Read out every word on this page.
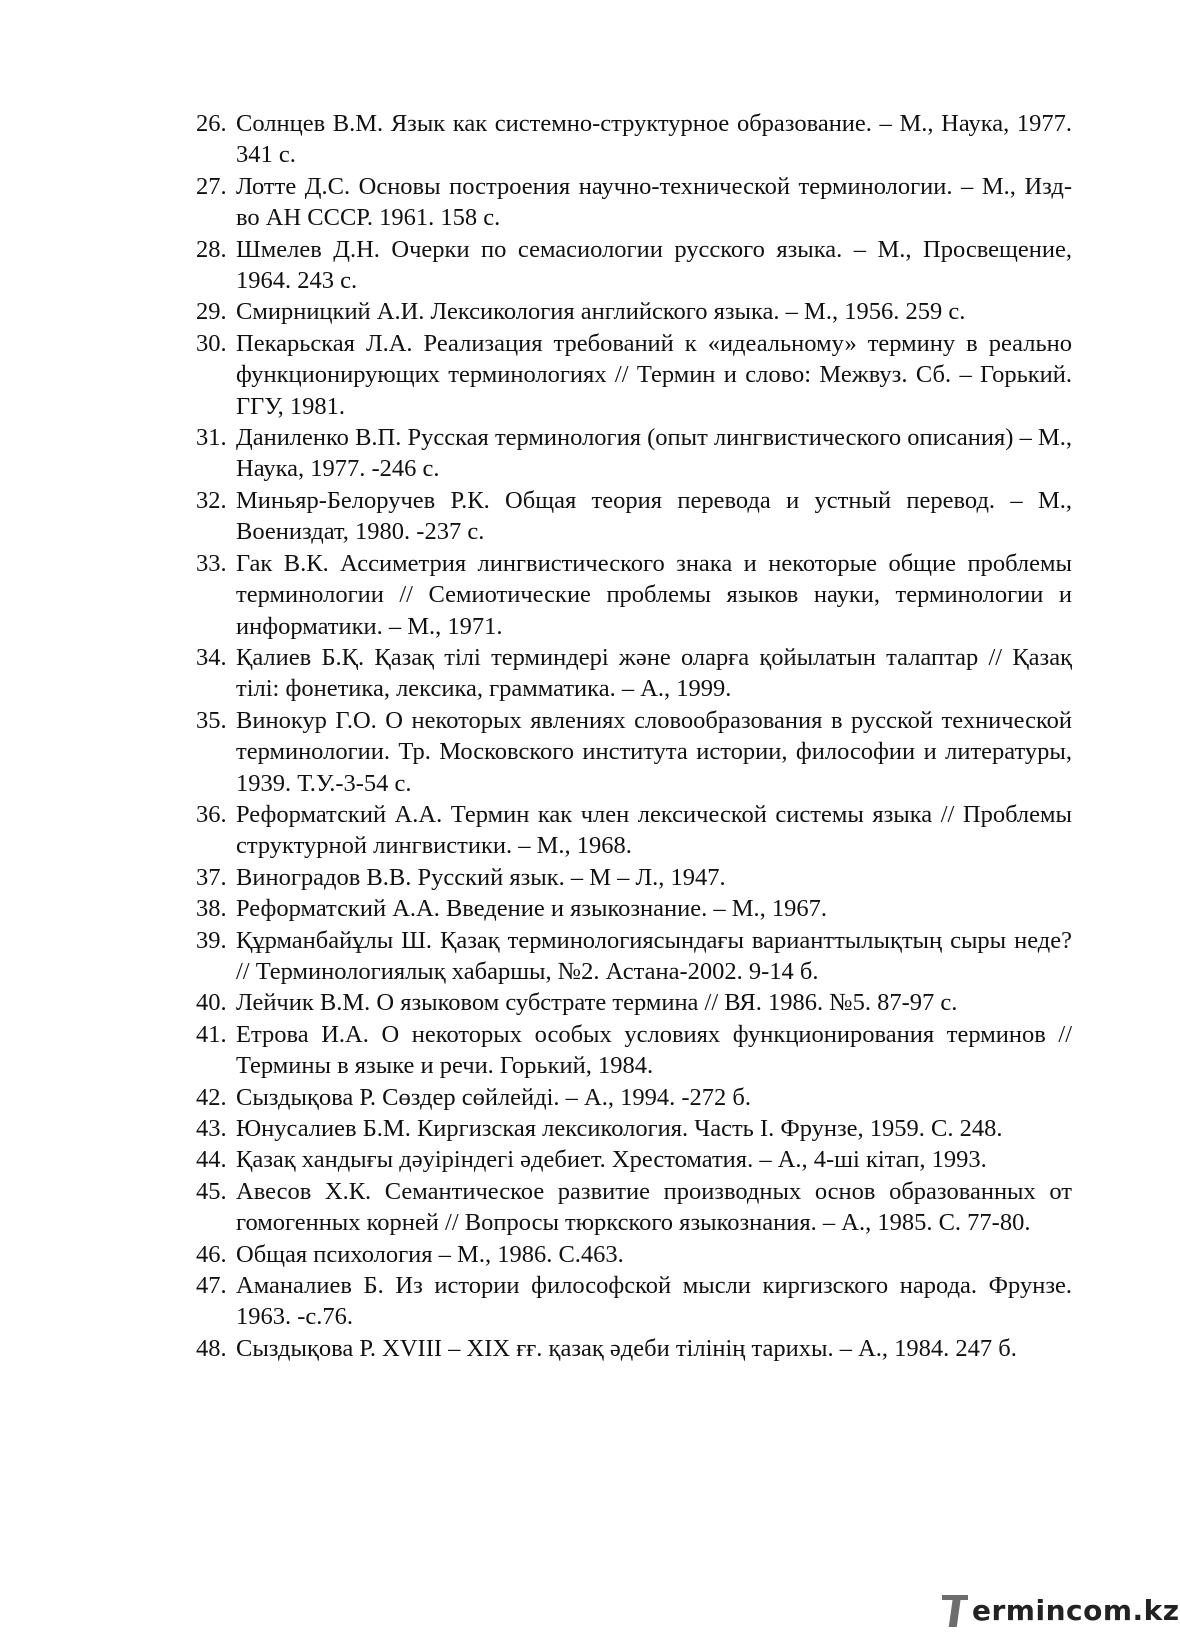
26. Солнцев В.М. Язык как системно-структурное образование. – М., Наука, 1977. 341 с.
27. Лотте Д.С. Основы построения научно-технической терминологии. – М., Изд-во АН СССР. 1961. 158 с.
28. Шмелев Д.Н. Очерки по семасиологии русского языка. – М., Просвещение, 1964. 243 с.
29. Смирницкий А.И. Лексикология английского языка. – М., 1956. 259 с.
30. Пекарьская Л.А. Реализация требований к «идеальному» термину в реально функционирующих терминологиях // Термин и слово: Межвуз. Сб. – Горький. ГГУ, 1981.
31. Даниленко В.П. Русская терминология (опыт лингвистического описания) – М., Наука, 1977. -246 с.
32. Миньяр-Белоручев Р.К. Общая теория перевода и устный перевод. – М., Воениздат, 1980. -237 с.
33. Гак В.К. Ассиметрия лингвистического знака и некоторые общие проблемы терминологии // Семиотические проблемы языков науки, терминологии и информатики. – М., 1971.
34. Қалиев Б.Қ. Қазақ тілі терминдері және оларға қойылатын талаптар // Қазақ тілі: фонетика, лексика, грамматика. – А., 1999.
35. Винокур Г.О. О некоторых явлениях словообразования в русской технической терминологии. Тр. Московского института истории, философии и литературы, 1939. Т.У.-3-54 с.
36. Реформатский А.А. Термин как член лексической системы языка // Проблемы структурной лингвистики. – М., 1968.
37. Виноградов В.В. Русский язык. – М – Л., 1947.
38. Реформатский А.А. Введение и языкознание. – М., 1967.
39. Құрманбайұлы Ш. Қазақ терминологиясындағы варианттылықтың сыры неде? // Терминологиялық хабаршы, №2. Астана-2002. 9-14 б.
40. Лейчик В.М. О языковом субстрате термина // ВЯ. 1986. №5. 87-97 с.
41. Етрова И.А. О некоторых особых условиях функционирования терминов // Термины в языке и речи. Горький, 1984.
42. Сыздықова Р. Сөздер сөйлейді. – А., 1994. -272 б.
43. Юнусалиев Б.М. Киргизская лексикология. Часть I. Фрунзе, 1959. С. 248.
44. Қазақ хандығы дәуіріндегі әдебиет. Хрестоматия. – А., 4-ші кітап, 1993.
45. Авесов Х.К. Семантическое развитие производных основ образованных от гомогенных корней // Вопросы тюркского языкознания. – А., 1985. С. 77-80.
46. Общая психология – М., 1986. С.463.
47. Аманалиев Б. Из истории философской мысли киргизского народа. Фрунзе. 1963. -с.76.
48. Сыздықова Р. XVIII – XIX ғғ. қазақ әдеби тілінің тарихы. – А., 1984. 247 б.
ermincom.kz
